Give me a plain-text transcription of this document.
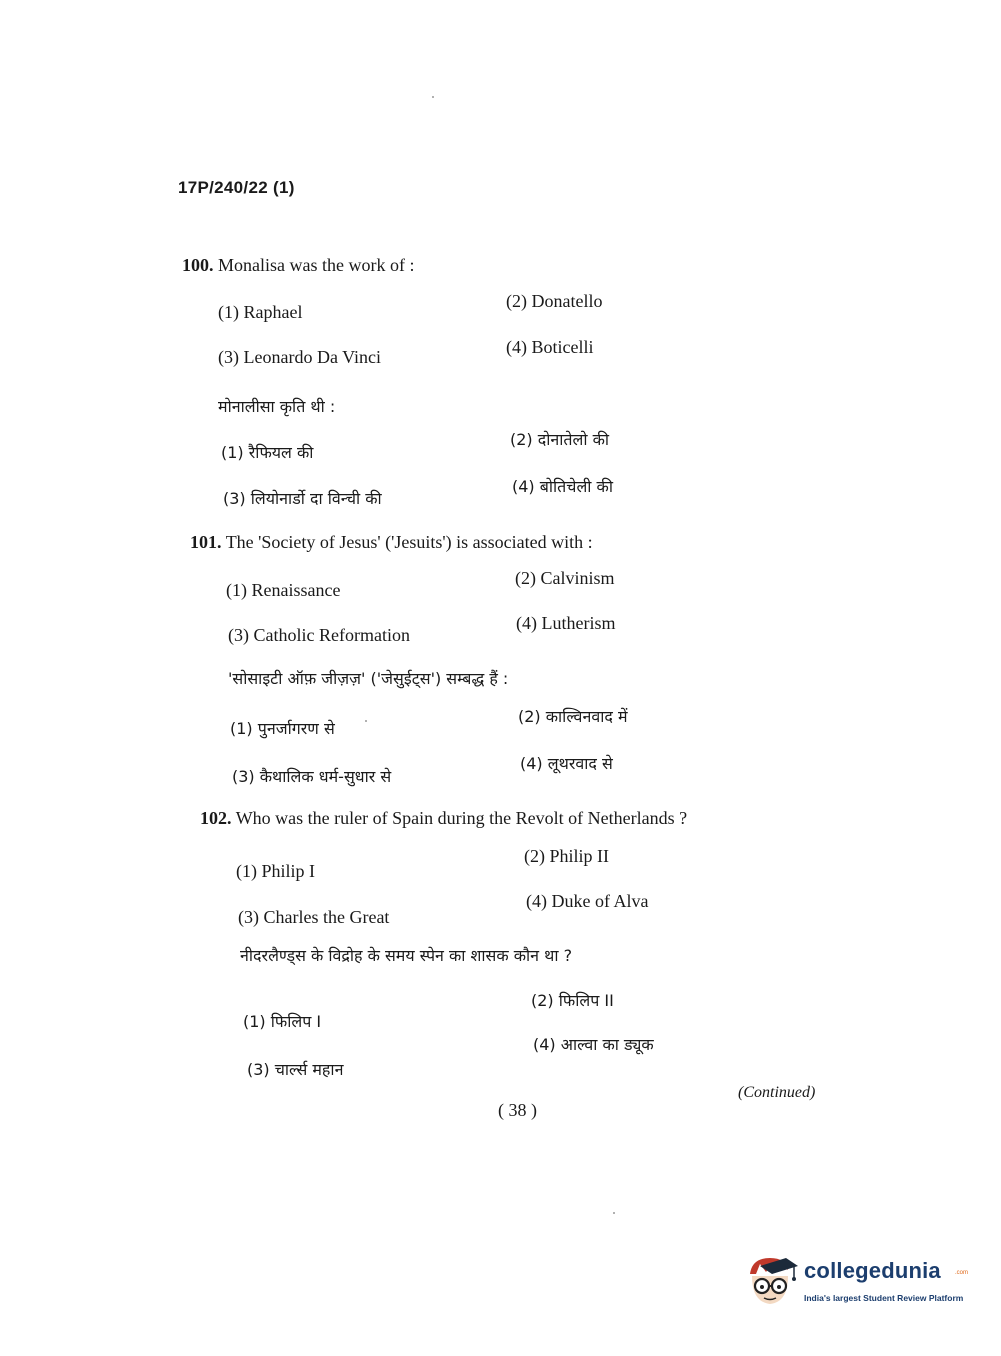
17P/240/22 (1)
100. Monalisa was the work of :
(1) Raphael
(2) Donatello
(3) Leonardo Da Vinci	(4) Boticelli
मोनालीसा कृति थी :
(1) रैफियल की
(2) दोनातेलो की
(3) लियोनार्डो दा विन्ची की
(4) बोतिचेली की
101. The 'Society of Jesus' ('Jesuits') is associated with :
(1) Renaissance
(2) Calvinism
(3) Catholic Reformation
(4) Lutherism
'सोसाइटी ऑफ़ जीज़ज़' ('जेसुईट्स') सम्बद्ध हैं :
(1) पुनर्जागरण से
(2) काल्विनवाद में
(3) कैथालिक धर्म-सुधार से
(4) लूथरवाद से
102. Who was the ruler of Spain during the Revolt of Netherlands ?
(1) Philip I
(2) Philip II
(3) Charles the Great
(4) Duke of Alva
नीदरलैण्ड्स के विद्रोह के समय स्पेन का शासक कौन था ?
(1) फिलिप I
(2) फिलिप II
(3) चार्ल्स महान
(4) आल्वा का ड्यूक
( 38 )
(Continued)
collegedunia .com
India's largest Student Review Platform
